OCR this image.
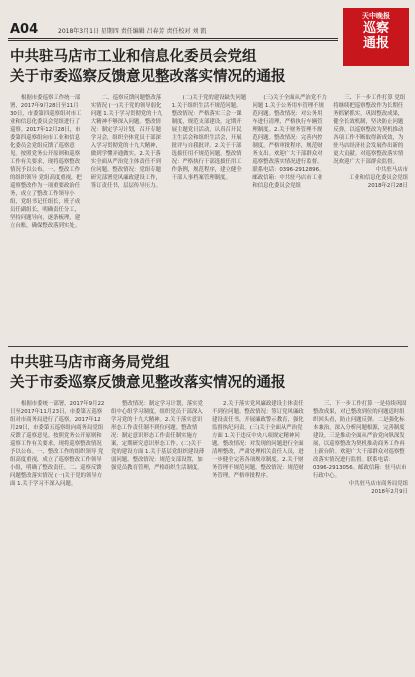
A04	2018年3月1日 星期四 责任编辑 吕春芳 责任校对 刘 凯
天中晚报
巡察
通报
中共驻马店市工业和信息化委员会党组
关于市委巡察反馈意见整改落实情况的通报

根据市委巡察工作统一部署，2017年9月28日至11月30日，市委第四巡察组对市工业和信息化委员会党组进行了巡察。2017年12月28日，市委第四巡察组向市工业和信息化委员会党组反馈了巡察意见。按照党务公开原则和巡察工作有关要求，现将巡察整改情况予以公布。一、整改工作的组织领导 党组高度重视，把巡察整改作为一项重要政治任务，成立了整改工作领导小组，党组书记任组长，班子成员任副组长，明确责任分工，坚持问题导向，逐条梳理，建立台账，确保整改落到实处。

二、巡察反馈问题整改落实情况 (一)关于党的领导弱化问题 1.关于学习贯彻党的十九大精神不够深入问题。整改情况：制定学习计划，召开专题学习会，组织全体党员干部深入学习贯彻党的十九大精神，做到学懂弄通做实。2.关于落实全面从严治党主体责任不到位问题。整改情况：党组专题研究部署党风廉政建设工作，签订责任书，层层传导压力。

(二)关于党的建设缺失问题 1.关于组织生活不规范问题。整改情况：严格落实三会一课制度，规范支部建设，定期开展主题党日活动，认真召开民主生活会和组织生活会，开展批评与自我批评。2.关于干部选拔任用不规范问题。整改情况：严格执行干部选拔任用工作条例，规范程序，建立健全干部人事档案管理制度。

(三)关于全面从严治党不力问题 1.关于公务用车管理不规范问题。整改情况：对公务用车进行清理，严格执行车辆管理制度。2.关于财务管理不规范问题。整改情况：完善内控制度，严格审批程序，规范财务支出。欢迎广大干部群众对巡察整改落实情况进行监督。联系电话：0396-2912896。邮政信箱：中共驻马店市工业和信息化委员会党组

三、下一步工作打算 党组将继续把巡察整改作为长期任务抓紧抓实，巩固整改成果，健全长效机制，坚决防止问题反弹，以巡察整改为契机推动各项工作不断取得新成效，为驻马店经济社会发展作出新的更大贡献。对巡察整改落实情况欢迎广大干部群众监督。

中共驻马店市
工业和信息化委员会党组
2018年2月28日
中共驻马店市商务局党组
关于市委巡察反馈意见整改落实情况的通报

根据市委统一部署，2017年9月22日至2017年11月23日，市委第五巡察组对市商务局进行了巡察。2017年12月29日，市委第五巡察组向商务局党组反馈了巡察意见。按照党务公开原则和巡察工作有关要求，现将巡察整改情况予以公布。一、整改工作的组织领导 党组高度重视，成立了巡察整改工作领导小组，明确了整改责任。二、巡察反馈问题整改落实情况 (一)关于党的领导方面 1.关于学习不深入问题。

整改情况：制定学习计划，落实党组中心组学习制度，组织党员干部深入学习党的十九大精神。2.关于落实意识形态工作责任制不到位问题。整改情况：制定意识形态工作责任制实施方案，定期研究意识形态工作。(二)关于党的建设方面 1.关于基层党组织建设薄弱问题。整改情况：规范支部设置，加强党员教育管理，严格组织生活制度。

2.关于落实党风廉政建设主体责任不到位问题。整改情况：签订党风廉政建设责任书，开展廉政警示教育，强化监督执纪问责。(三)关于全面从严治党方面 1.关于违反中央八项规定精神问题。整改情况：对发现的问题进行全面清理整改，严肃处理相关责任人员，进一步健全完善各项规章制度。2.关于财务管理不规范问题。整改情况：规范财务管理，严格审批程序。

三、下一步工作打算 一是持续巩固整改成果，对已整改到位的问题适时组织回头看，防止问题反弹。二是强化标本兼治，深入分析问题根源，完善制度建设。三是推动全面从严治党向纵深发展，以巡察整改为契机推动商务工作再上新台阶。欢迎广大干部群众对巡察整改落实情况进行监督。联系电话：0396-2913056。邮政信箱：驻马店市行政中心。

中共驻马店市商务局党组
2018年2月9日
